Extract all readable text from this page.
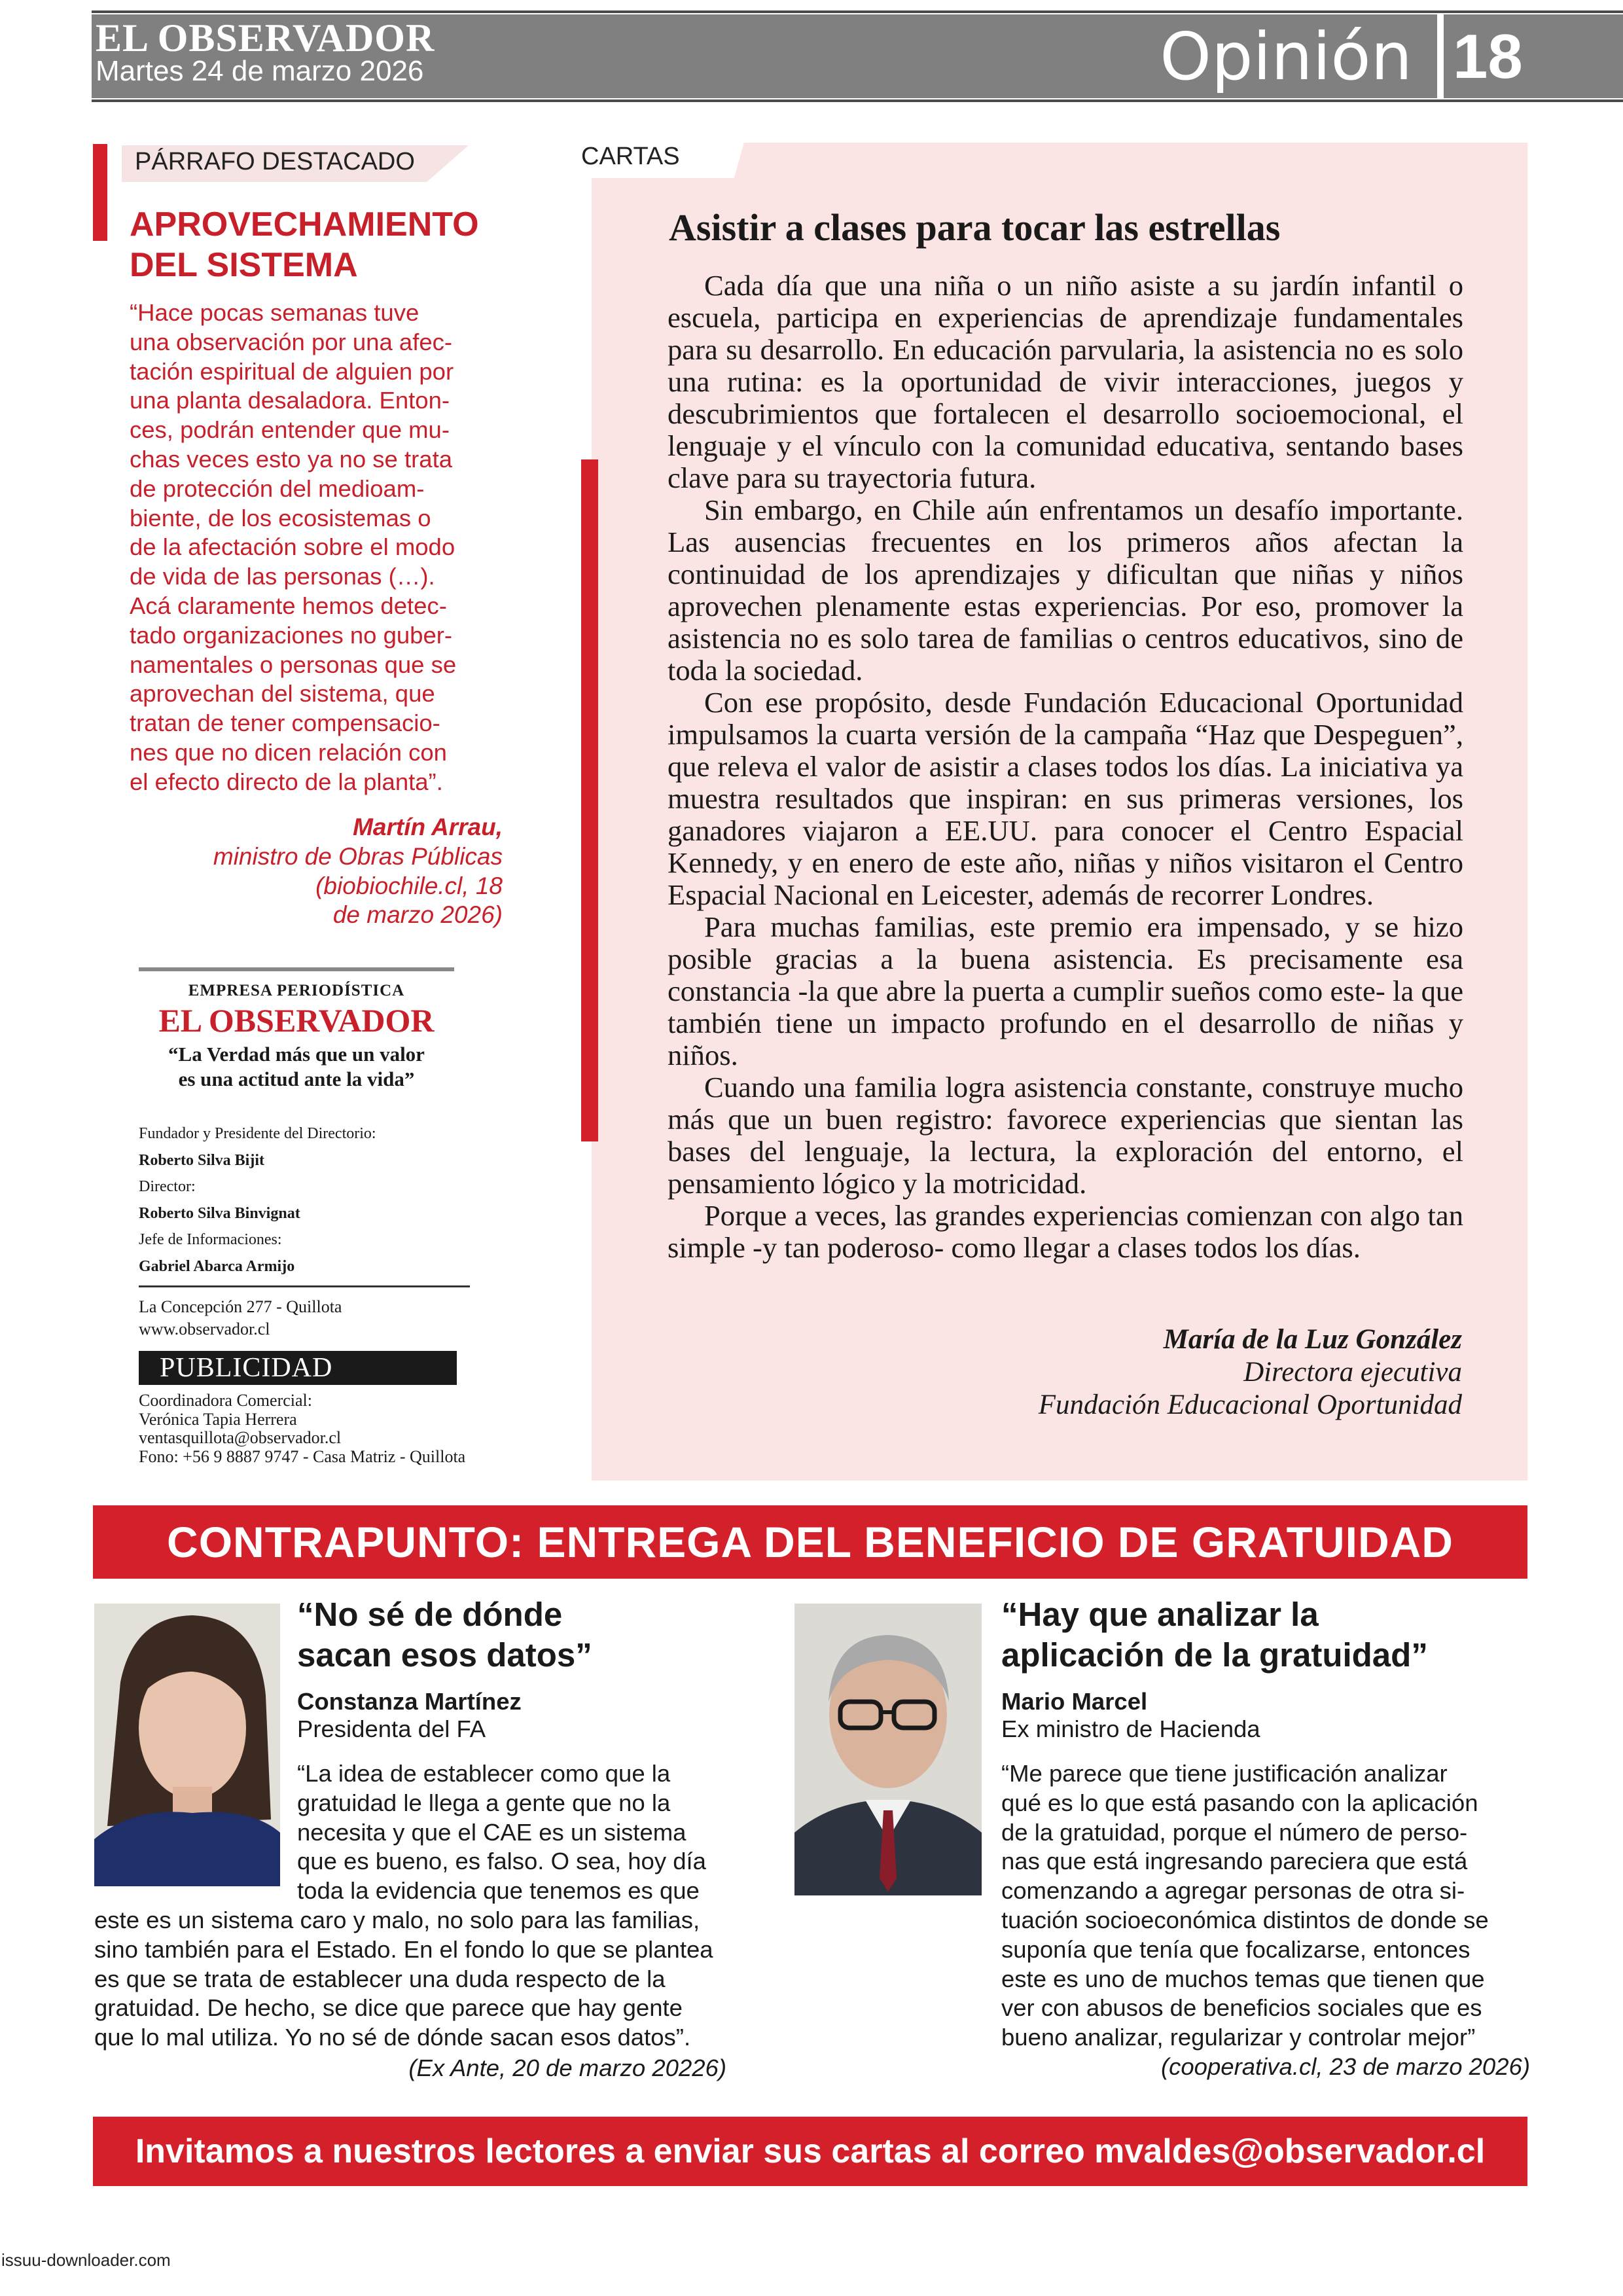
EL OBSERVADOR
Martes 24 de marzo 2026	Opinión 18
PÁRRAFO DESTACADO
APROVECHAMIENTO
DEL SISTEMA
“Hace pocas semanas tuve
una observación por una afec-
tación espiritual de alguien por
una planta desaladora. Enton-
ces, podrán entender que mu-
chas veces esto ya no se trata
de protección del medioam-
biente, de los ecosistemas o
de la afectación sobre el modo
de vida de las personas (…).
Acá claramente hemos detec-
tado organizaciones no guber-
namentales o personas que se
aprovechan del sistema, que
tratan de tener compensacio-
nes que no dicen relación con
el efecto directo de la planta”.
Martín Arrau,
ministro de Obras Públicas
(biobiochile.cl, 18
de marzo 2026)
EMPRESA PERIODÍSTICA
EL OBSERVADOR
“La Verdad más que un valor
es una actitud ante la vida”
Fundador y Presidente del Directorio:
Roberto Silva Bijit
Director:
Roberto Silva Binvignat
Jefe de Informaciones:
Gabriel Abarca Armijo
La Concepción 277 - Quillota
www.observador.cl
PUBLICIDAD
Coordinadora Comercial:
Verónica Tapia Herrera
ventasquillota@observador.cl
Fono: +56 9 8887 9747 - Casa Matriz - Quillota
CARTAS
Asistir a clases para tocar las estrellas

Cada día que una niña o un niño asiste a su jardín infantil o escuela, participa en experiencias de aprendizaje fundamentales para su desarrollo. En educación parvularia, la asistencia no es solo una rutina: es la oportunidad de vivir interacciones, juegos y descubrimientos que fortalecen el desarrollo socioemocional, el lenguaje y el vínculo con la comunidad educativa, sentando bases clave para su trayectoria futura.

Sin embargo, en Chile aún enfrentamos un desafío importante. Las ausencias frecuentes en los primeros años afectan la continuidad de los aprendizajes y dificultan que niñas y niños aprovechen plenamente estas experiencias. Por eso, promover la asistencia no es solo tarea de familias o centros educativos, sino de toda la sociedad.

Con ese propósito, desde Fundación Educacional Oportunidad impulsamos la cuarta versión de la campaña “Haz que Despeguen”, que releva el valor de asistir a clases todos los días. La iniciativa ya muestra resultados que inspiran: en sus primeras versiones, los ganadores viajaron a EE.UU. para conocer el Centro Espacial Kennedy, y en enero de este año, niñas y niños visitaron el Centro Espacial Nacional en Leicester, además de recorrer Londres.

Para muchas familias, este premio era impensado, y se hizo posible gracias a la buena asistencia. Es precisamente esa constancia -la que abre la puerta a cumplir sueños como este- la que también tiene un impacto profundo en el desarrollo de niñas y niños.

Cuando una familia logra asistencia constante, construye mucho más que un buen registro: favorece experiencias que sientan las bases del lenguaje, la lectura, la exploración del entorno, el pensamiento lógico y la motricidad.

Porque a veces, las grandes experiencias comienzan con algo tan simple -y tan poderoso- como llegar a clases todos los días.

María de la Luz González
Directora ejecutiva
Fundación Educacional Oportunidad
CONTRAPUNTO: ENTREGA DEL BENEFICIO DE GRATUIDAD
“No sé de dónde
sacan esos datos”
Constanza Martínez
Presidenta del FA
“La idea de establecer como que la
gratuidad le llega a gente que no la
necesita y que el CAE es un sistema
que es bueno, es falso. O sea, hoy día
toda la evidencia que tenemos es que
este es un sistema caro y malo, no solo para las familias,
sino también para el Estado. En el fondo lo que se plantea
es que se trata de establecer una duda respecto de la
gratuidad. De hecho, se dice que parece que hay gente
que lo mal utiliza. Yo no sé de dónde sacan esos datos”.
(Ex Ante, 20 de marzo 20226)
“Hay que analizar la
aplicación de la gratuidad”
Mario Marcel
Ex ministro de Hacienda
“Me parece que tiene justificación analizar
qué es lo que está pasando con la aplicación
de la gratuidad, porque el número de perso-
nas que está ingresando pareciera que está
comenzando a agregar personas de otra si-
tuación socioeconómica distintos de donde se
suponía que tenía que focalizarse, entonces
este es uno de muchos temas que tienen que
ver con abusos de beneficios sociales que es
bueno analizar, regularizar y controlar mejor”
(cooperativa.cl, 23 de marzo 2026)
Invitamos a nuestros lectores a enviar sus cartas al correo mvaldes@observador.cl
issuu-downloader.com
